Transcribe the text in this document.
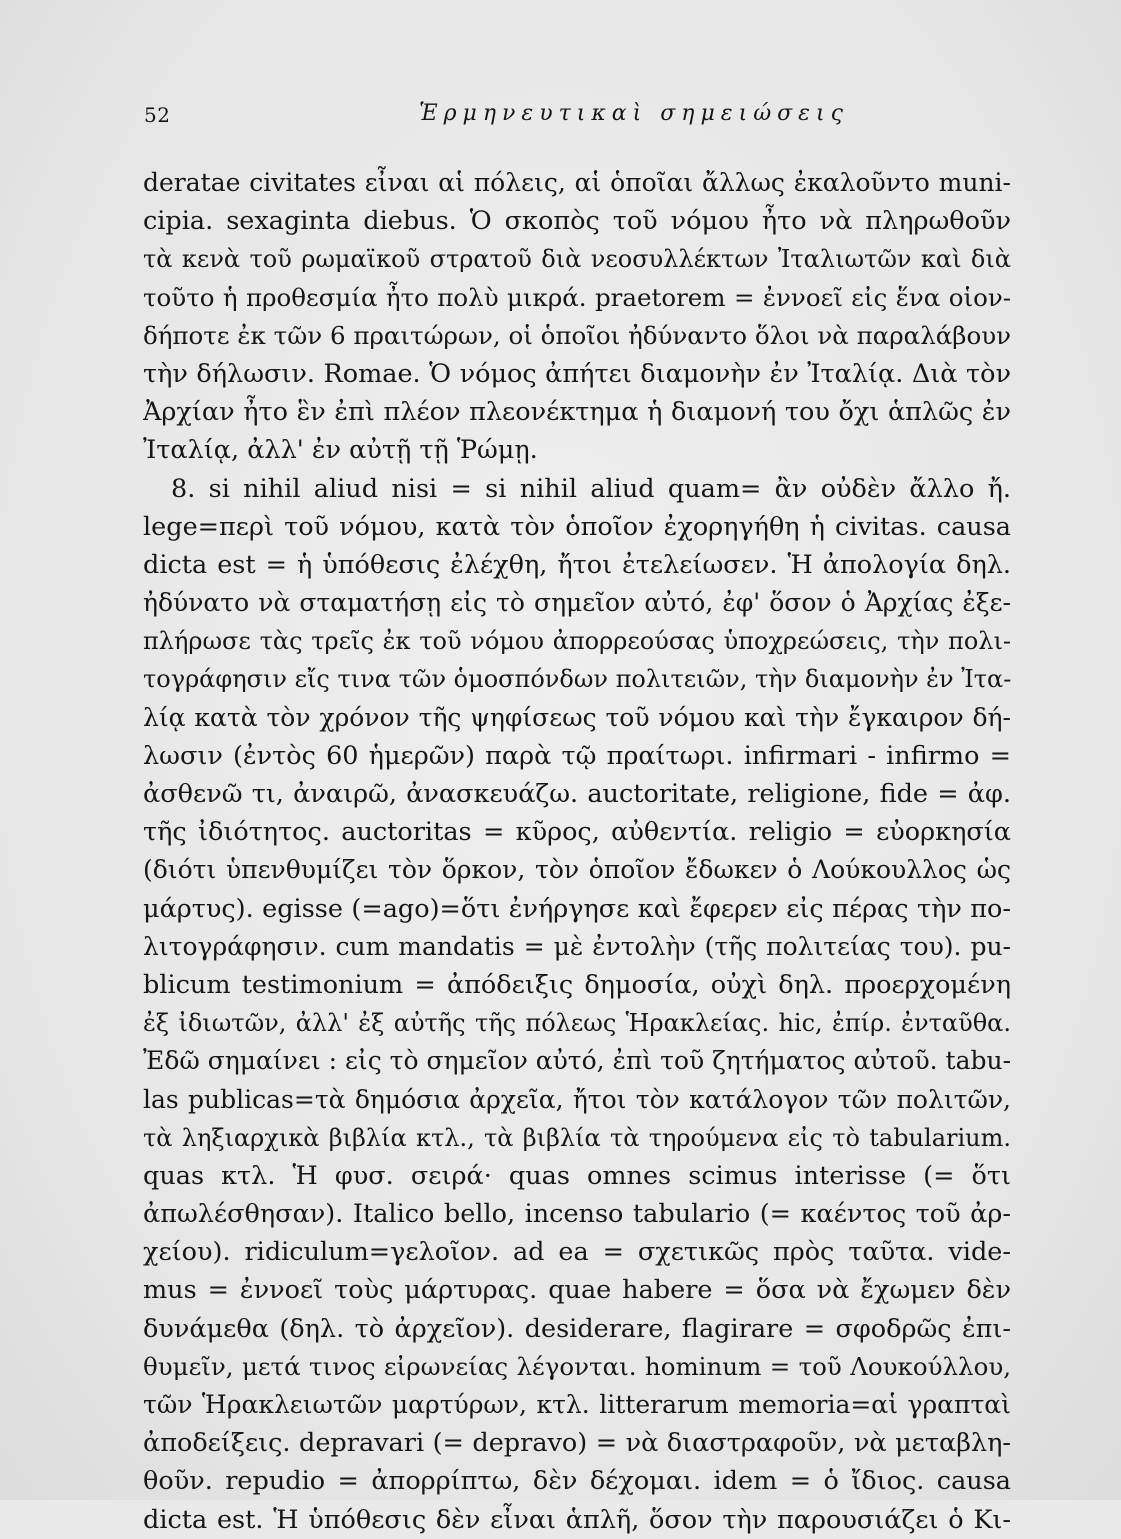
52	Ἑρμηνευτικαὶ σημειώσεις
deratae civitates εἶναι αἱ πόλεις, αἱ ὁποῖαι ἄλλως ἐκαλοῦντο muni-
cipia. sexaginta diebus. Ὁ σκοπὸς τοῦ νόμου ἦτο νὰ πληρωθοῦν
τὰ κενὰ τοῦ ρωμαϊκοῦ στρατοῦ διὰ νεοσυλλέκτων Ἰταλιωτῶν καὶ διὰ
τοῦτο ἡ προθεσμία ἦτο πολὺ μικρά. praetorem = ἐννοεῖ εἰς ἕνα οἱον-
δήποτε ἐκ τῶν 6 πραιτώρων, οἱ ὁποῖοι ἠδύναντο ὅλοι νὰ παραλάβουν
τὴν δήλωσιν. Romae. Ὁ νόμος ἀπήτει διαμονὴν ἐν Ἰταλίᾳ. Διὰ τὸν
Ἀρχίαν ἦτο ἓν ἐπὶ πλέον πλεονέκτημα ἡ διαμονή του ὄχι ἁπλῶς ἐν
Ἰταλίᾳ, ἀλλ' ἐν αὐτῇ τῇ Ῥώμῃ.
8. si nihil aliud nisi = si nihil aliud quam= ἂν οὐδὲν ἄλλο ἤ.
lege=περὶ τοῦ νόμου, κατὰ τὸν ὁποῖον ἐχορηγήθη ἡ civitas. causa
dicta est = ἡ ὑπόθεσις ἐλέχθη, ἤτοι ἐτελείωσεν. Ἡ ἀπολογία δηλ.
ἠδύνατο νὰ σταματήσῃ εἰς τὸ σημεῖον αὐτό, ἐφ' ὅσον ὁ Ἀρχίας ἐξε-
πλήρωσε τὰς τρεῖς ἐκ τοῦ νόμου ἀπορρεούσας ὑποχρεώσεις, τὴν πολι-
τογράφησιν εἴς τινα τῶν ὁμοσπόνδων πολιτειῶν, τὴν διαμονὴν ἐν Ἰτα-
λίᾳ κατὰ τὸν χρόνον τῆς ψηφίσεως τοῦ νόμου καὶ τὴν ἔγκαιρον δή-
λωσιν (ἐντὸς 60 ἡμερῶν) παρὰ τῷ πραίτωρι. infirmari - infirmo =
ἀσθενῶ τι, ἀναιρῶ, ἀνασκευάζω. auctoritate, religione, fide = ἀφ.
τῆς ἰδιότητος. auctoritas = κῦρος, αὐθεντία. religio = εὐορκησία
(διότι ὑπενθυμίζει τὸν ὅρκον, τὸν ὁποῖον ἔδωκεν ὁ Λούκουλλος ὡς
μάρτυς). egisse (=ago)=ὅτι ἐνήργησε καὶ ἔφερεν εἰς πέρας τὴν πο-
λιτογράφησιν. cum mandatis = μὲ ἐντολὴν (τῆς πολιτείας του). pu-
blicum testimonium = ἀπόδειξις δημοσία, οὐχὶ δηλ. προερχομένη
ἐξ ἰδιωτῶν, ἀλλ' ἐξ αὐτῆς τῆς πόλεως Ἡρακλείας. hic, ἐπίρ. ἐνταῦθα.
Ἐδῶ σημαίνει : εἰς τὸ σημεῖον αὐτό, ἐπὶ τοῦ ζητήματος αὐτοῦ. tabu-
las publicas=τὰ δημόσια ἀρχεῖα, ἤτοι τὸν κατάλογον τῶν πολιτῶν,
τὰ ληξιαρχικὰ βιβλία κτλ., τὰ βιβλία τὰ τηρούμενα εἰς τὸ tabularium.
quas κτλ. Ἡ φυσ. σειρά· quas omnes scimus interisse (= ὅτι
ἀπωλέσθησαν). Italico bello, incenso tabulario (= καέντος τοῦ ἀρ-
χείου). ridiculum=γελοῖον. ad ea = σχετικῶς πρὸς ταῦτα. vide-
mus = ἐννοεῖ τοὺς μάρτυρας. quae habere = ὅσα νὰ ἔχωμεν δὲν
δυνάμεθα (δηλ. τὸ ἀρχεῖον). desiderare, flagirare = σφοδρῶς ἐπι-
θυμεῖν, μετά τινος εἰρωνείας λέγονται. hominum = τοῦ Λουκούλλου,
τῶν Ἡρακλειωτῶν μαρτύρων, κτλ. litterarum memoria=αἱ γραπταὶ
ἀποδείξεις. depravari (= depravo) = νὰ διαστραφοῦν, νὰ μεταβλη-
θοῦν. repudio = ἀπορρίπτω, δὲν δέχομαι. idem = ὁ ἴδιος. causa
dicta est. Ἡ ὑπόθεσις δὲν εἶναι ἁπλῆ, ὅσον τὴν παρουσιάζει ὁ Κι-
